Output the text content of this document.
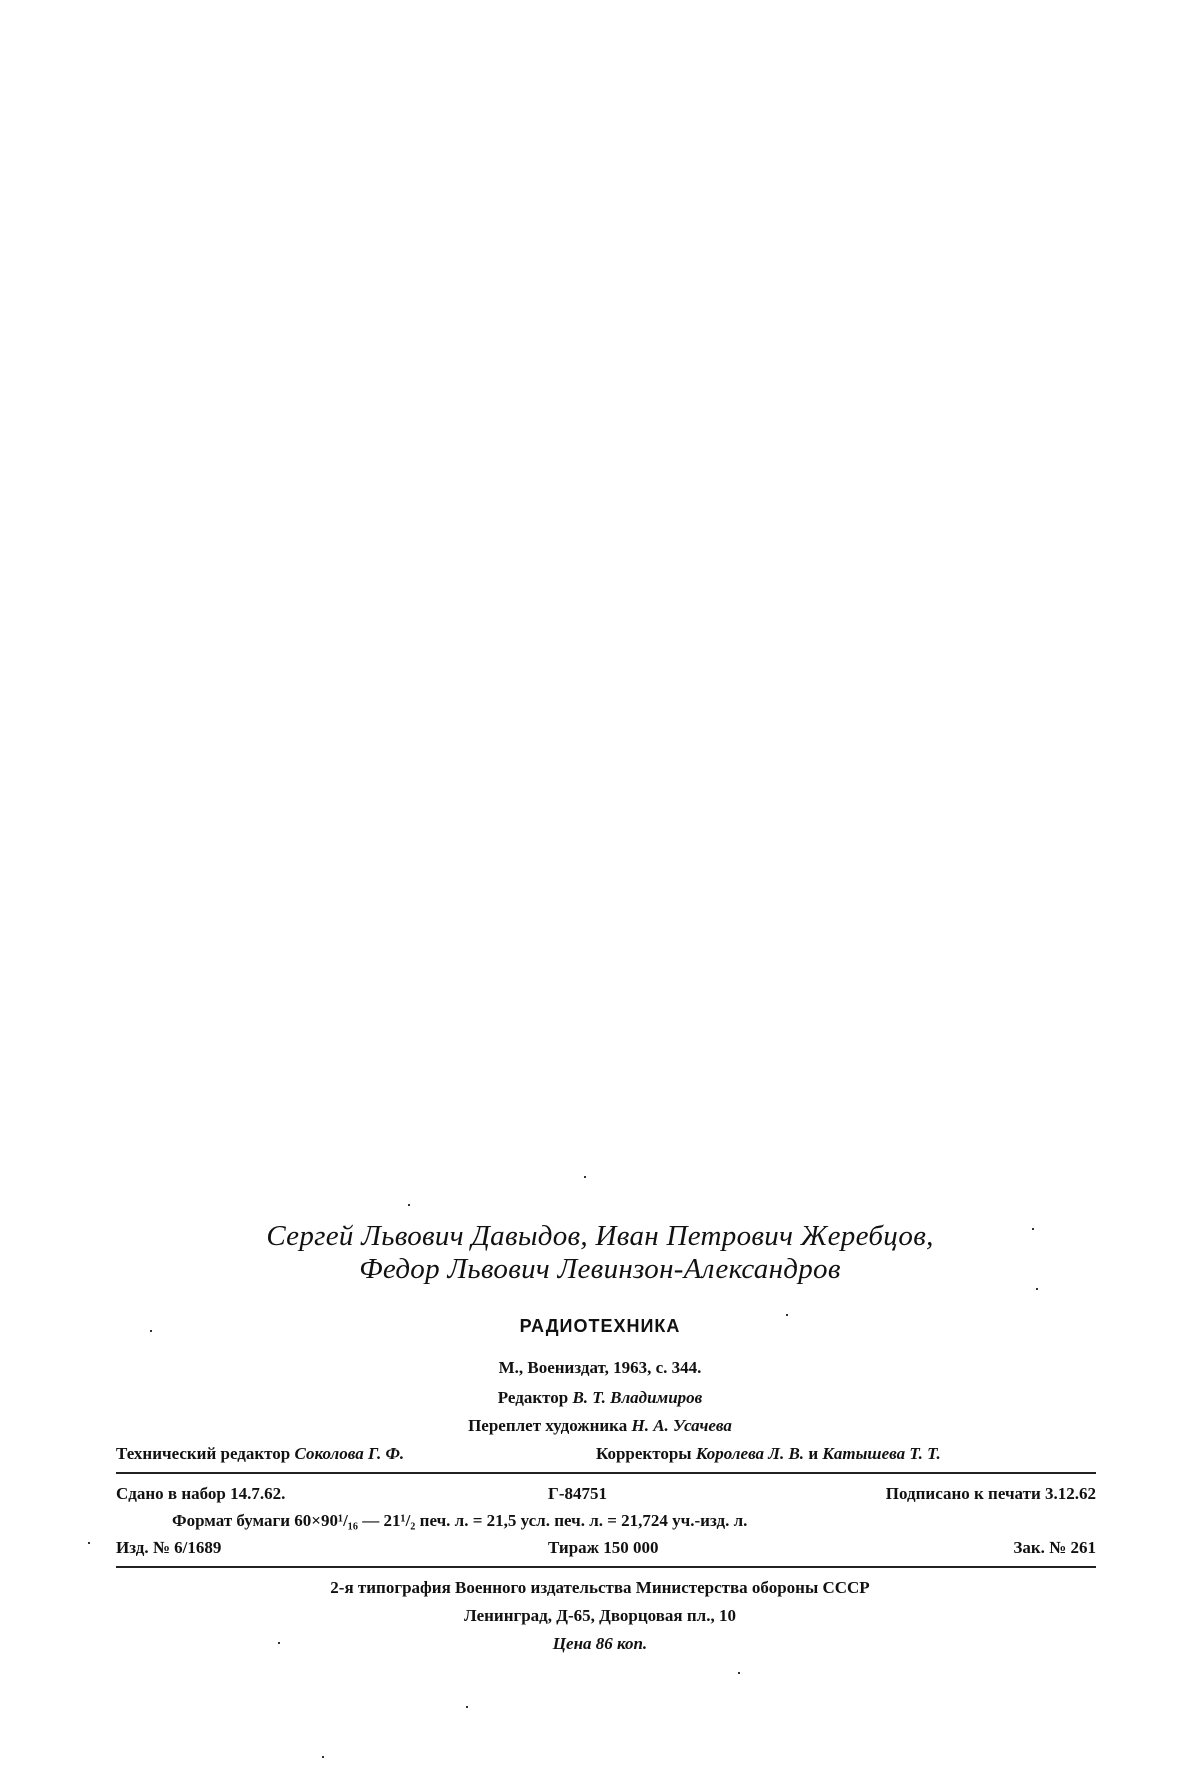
Сергей Львович Давыдов, Иван Петрович Жеребцов,
Федор Львович Левинзон-Александров
РАДИОТЕХНИКА
М., Воениздат, 1963, с. 344.
Редактор В. Т. Владимиров
Переплет художника Н. А. Усачева
Технический редактор Соколова Г. Ф.	Корректоры Королева Л. В. и Катышева Т. Т.
Сдано в набор 14.7.62.	Г-84751	Подписано к печати 3.12.62
Формат бумаги 60×90¹/₁₆ — 21¹/₂ печ. л. = 21,5 усл. печ. л. = 21,724 уч.-изд. л.
Изд. № 6/1689	Тираж 150 000	Зак. № 261
2-я типография Военного издательства Министерства обороны СССР
Ленинград, Д-65, Дворцовая пл., 10
Цена 86 коп.
